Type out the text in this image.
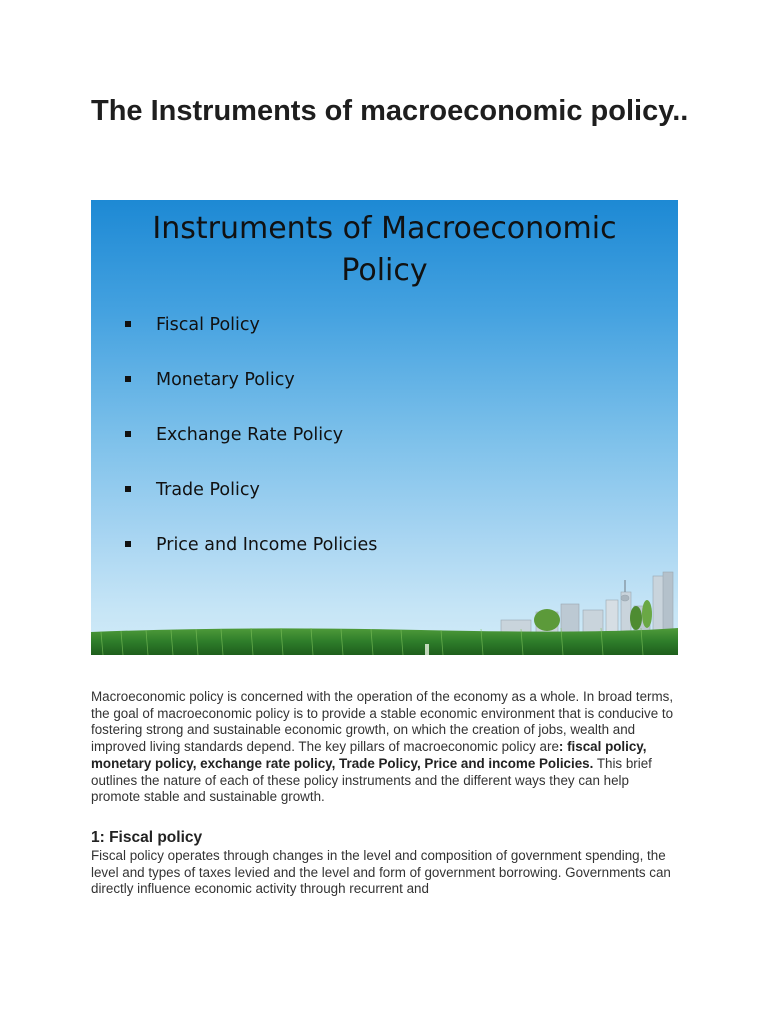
The Instruments of macroeconomic policy..
Instruments of Macroeconomic
Policy
Fiscal Policy
Monetary Policy
Exchange Rate Policy
Trade Policy
Price and Income Policies

Macroeconomic policy is concerned with the operation of the economy as a whole. In broad terms, the goal of macroeconomic policy is to provide a stable economic environment that is conducive to fostering strong and sustainable economic growth, on which the creation of jobs, wealth and improved living standards depend. The key pillars of macroeconomic policy are: fiscal policy, monetary policy, exchange rate policy, Trade Policy, Price and income Policies. This brief outlines the nature of each of these policy instruments and the different ways they can help promote stable and sustainable growth.

1: Fiscal policy

Fiscal policy operates through changes in the level and composition of government spending, the level and types of taxes levied and the level and form of government borrowing. Governments can directly influence economic activity through recurrent and
